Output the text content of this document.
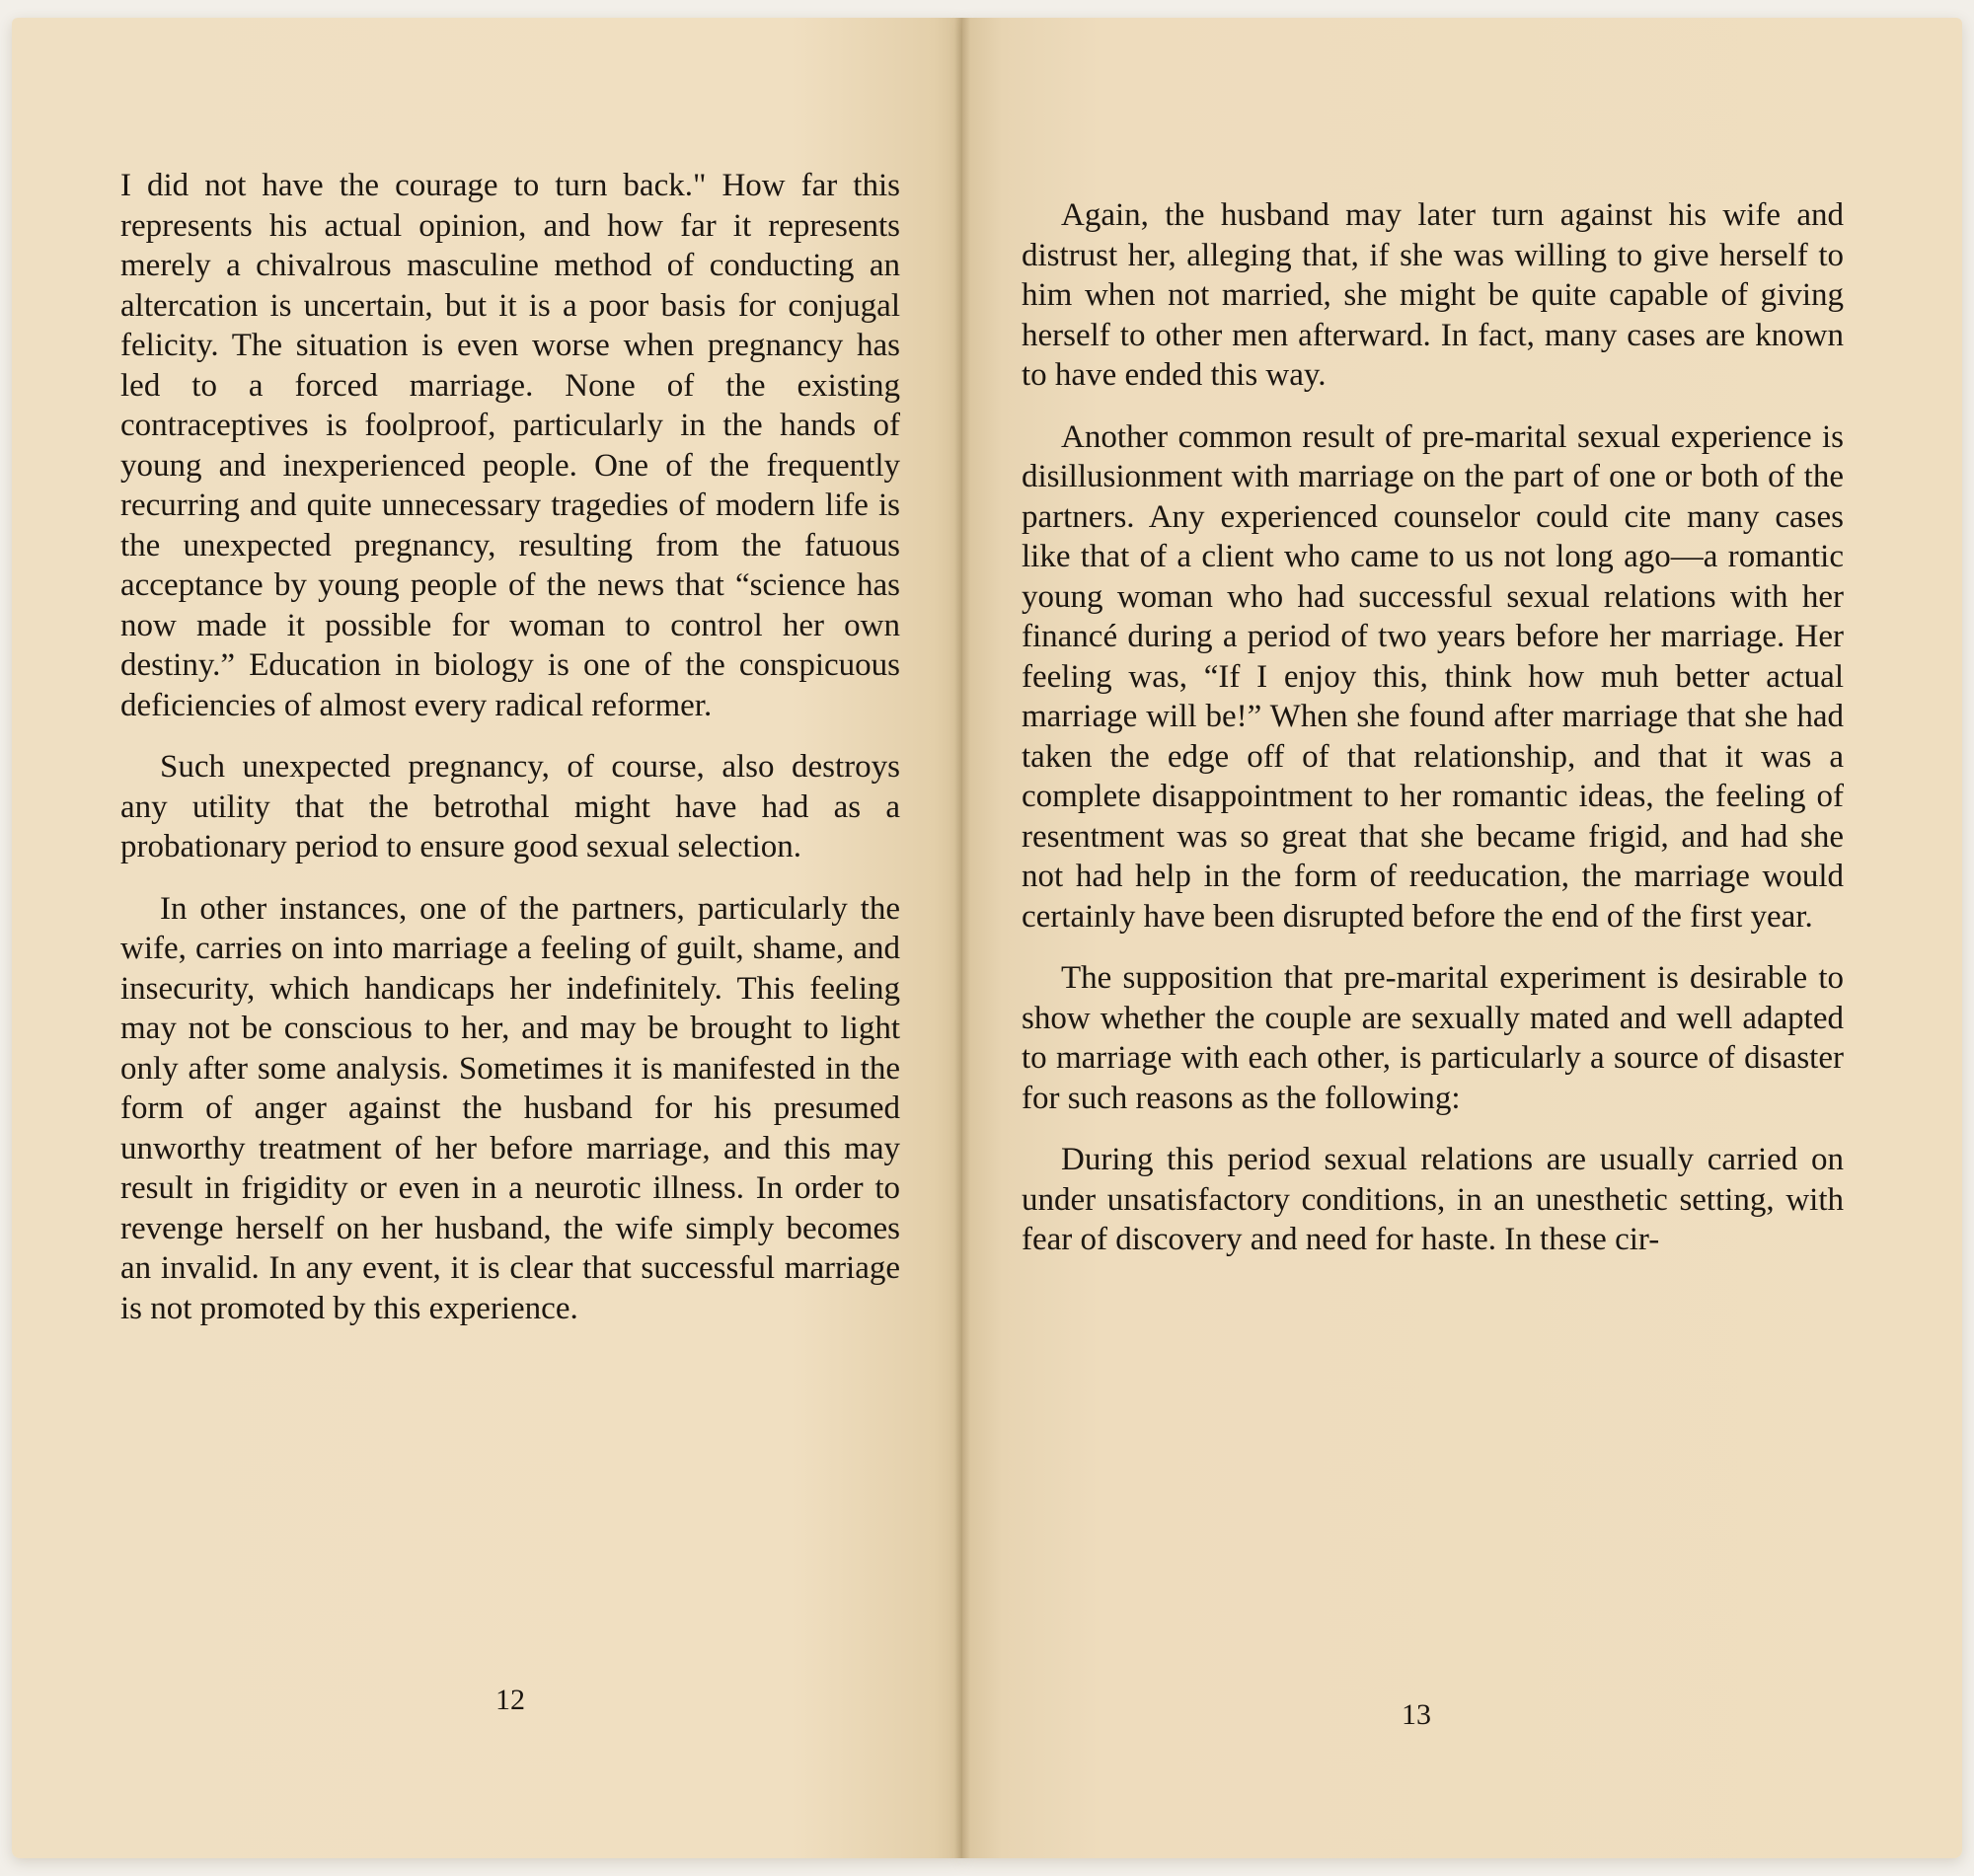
I did not have the courage to turn back." How far this represents his actual opinion, and how far it represents merely a chivalrous masculine method of conducting an altercation is uncertain, but it is a poor basis for conjugal felicity. The situation is even worse when pregnancy has led to a forced marriage. None of the existing contraceptives is foolproof, particularly in the hands of young and inexperienced people. One of the frequently recurring and quite unnecessary tragedies of modern life is the unexpected pregnancy, resulting from the fatuous acceptance by young people of the news that “science has now made it possible for woman to control her own destiny.” Education in biology is one of the conspicuous deficiencies of almost every radical reformer.

Such unexpected pregnancy, of course, also destroys any utility that the betrothal might have had as a probationary period to ensure good sexual selection.

In other instances, one of the partners, particularly the wife, carries on into marriage a feeling of guilt, shame, and insecurity, which handicaps her indefinitely. This feeling may not be conscious to her, and may be brought to light only after some analysis. Sometimes it is manifested in the form of anger against the husband for his presumed unworthy treatment of her before marriage, and this may result in frigidity or even in a neurotic illness. In order to revenge herself on her husband, the wife simply becomes an invalid. In any event, it is clear that successful marriage is not promoted by this experience.

12

Again, the husband may later turn against his wife and distrust her, alleging that, if she was willing to give herself to him when not married, she might be quite capable of giving herself to other men afterward. In fact, many cases are known to have ended this way.

Another common result of pre-marital sexual experience is disillusionment with marriage on the part of one or both of the partners. Any experienced counselor could cite many cases like that of a client who came to us not long ago—a romantic young woman who had successful sexual relations with her financé during a period of two years before her marriage. Her feeling was, “If I enjoy this, think how muh better actual marriage will be!” When she found after marriage that she had taken the edge off of that relationship, and that it was a complete disappointment to her romantic ideas, the feeling of resentment was so great that she became frigid, and had she not had help in the form of reeducation, the marriage would certainly have been disrupted before the end of the first year.

The supposition that pre-marital experiment is desirable to show whether the couple are sexually mated and well adapted to marriage with each other, is particularly a source of disaster for such reasons as the following:

During this period sexual relations are usually carried on under unsatisfactory conditions, in an unesthetic setting, with fear of discovery and need for haste. In these cir-

13
